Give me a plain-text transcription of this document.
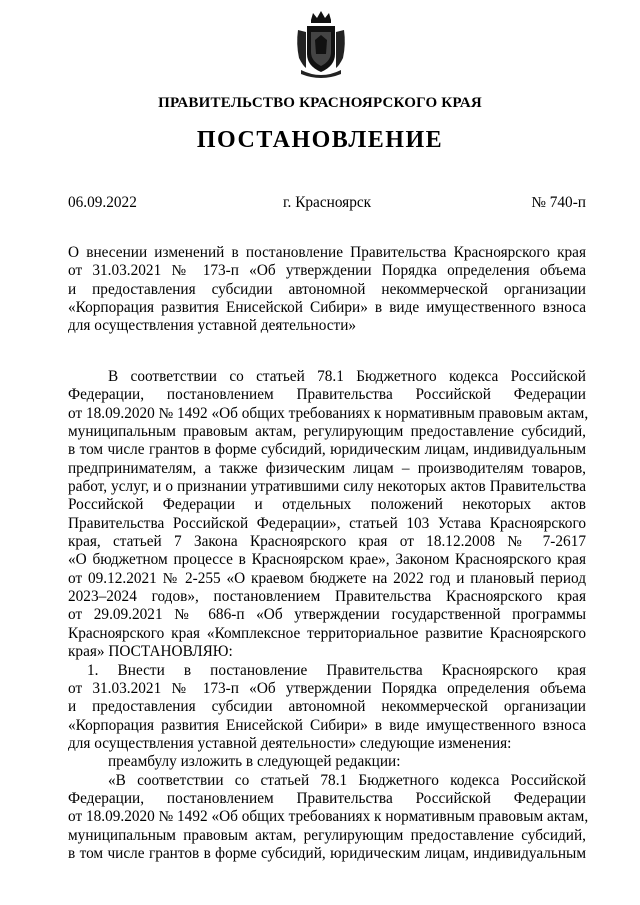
ПРАВИТЕЛЬСТВО КРАСНОЯРСКОГО КРАЯ
ПОСТАНОВЛЕНИЕ
06.09.2022	г. Красноярск	№ 740-п
О внесении изменений в постановление Правительства Красноярского края
от 31.03.2021 № 173-п «Об утверждении Порядка определения объема
и предоставления субсидии автономной некоммерческой организации
«Корпорация развития Енисейской Сибири» в виде имущественного взноса
для осуществления уставной деятельности»
В соответствии со статьей 78.1 Бюджетного кодекса Российской
Федерации, постановлением Правительства Российской Федерации
от 18.09.2020 № 1492 «Об общих требованиях к нормативным правовым актам,
муниципальным правовым актам, регулирующим предоставление субсидий,
в том числе грантов в форме субсидий, юридическим лицам, индивидуальным
предпринимателям, а также физическим лицам – производителям товаров,
работ, услуг, и о признании утратившими силу некоторых актов Правительства
Российской Федерации и отдельных положений некоторых актов
Правительства Российской Федерации», статьей 103 Устава Красноярского
края, статьей 7 Закона Красноярского края от 18.12.2008 № 7-2617
«О бюджетном процессе в Красноярском крае», Законом Красноярского края
от 09.12.2021 № 2-255 «О краевом бюджете на 2022 год и плановый период
2023–2024 годов», постановлением Правительства Красноярского края
от 29.09.2021 № 686-п «Об утверждении государственной программы
Красноярского края «Комплексное территориальное развитие Красноярского
края» ПОСТАНОВЛЯЮ:
1. Внести в постановление Правительства Красноярского края
от 31.03.2021 № 173-п «Об утверждении Порядка определения объема
и предоставления субсидии автономной некоммерческой организации
«Корпорация развития Енисейской Сибири» в виде имущественного взноса
для осуществления уставной деятельности» следующие изменения:
преамбулу изложить в следующей редакции:
«В соответствии со статьей 78.1 Бюджетного кодекса Российской
Федерации, постановлением Правительства Российской Федерации
от 18.09.2020 № 1492 «Об общих требованиях к нормативным правовым актам,
муниципальным правовым актам, регулирующим предоставление субсидий,
в том числе грантов в форме субсидий, юридическим лицам, индивидуальным
